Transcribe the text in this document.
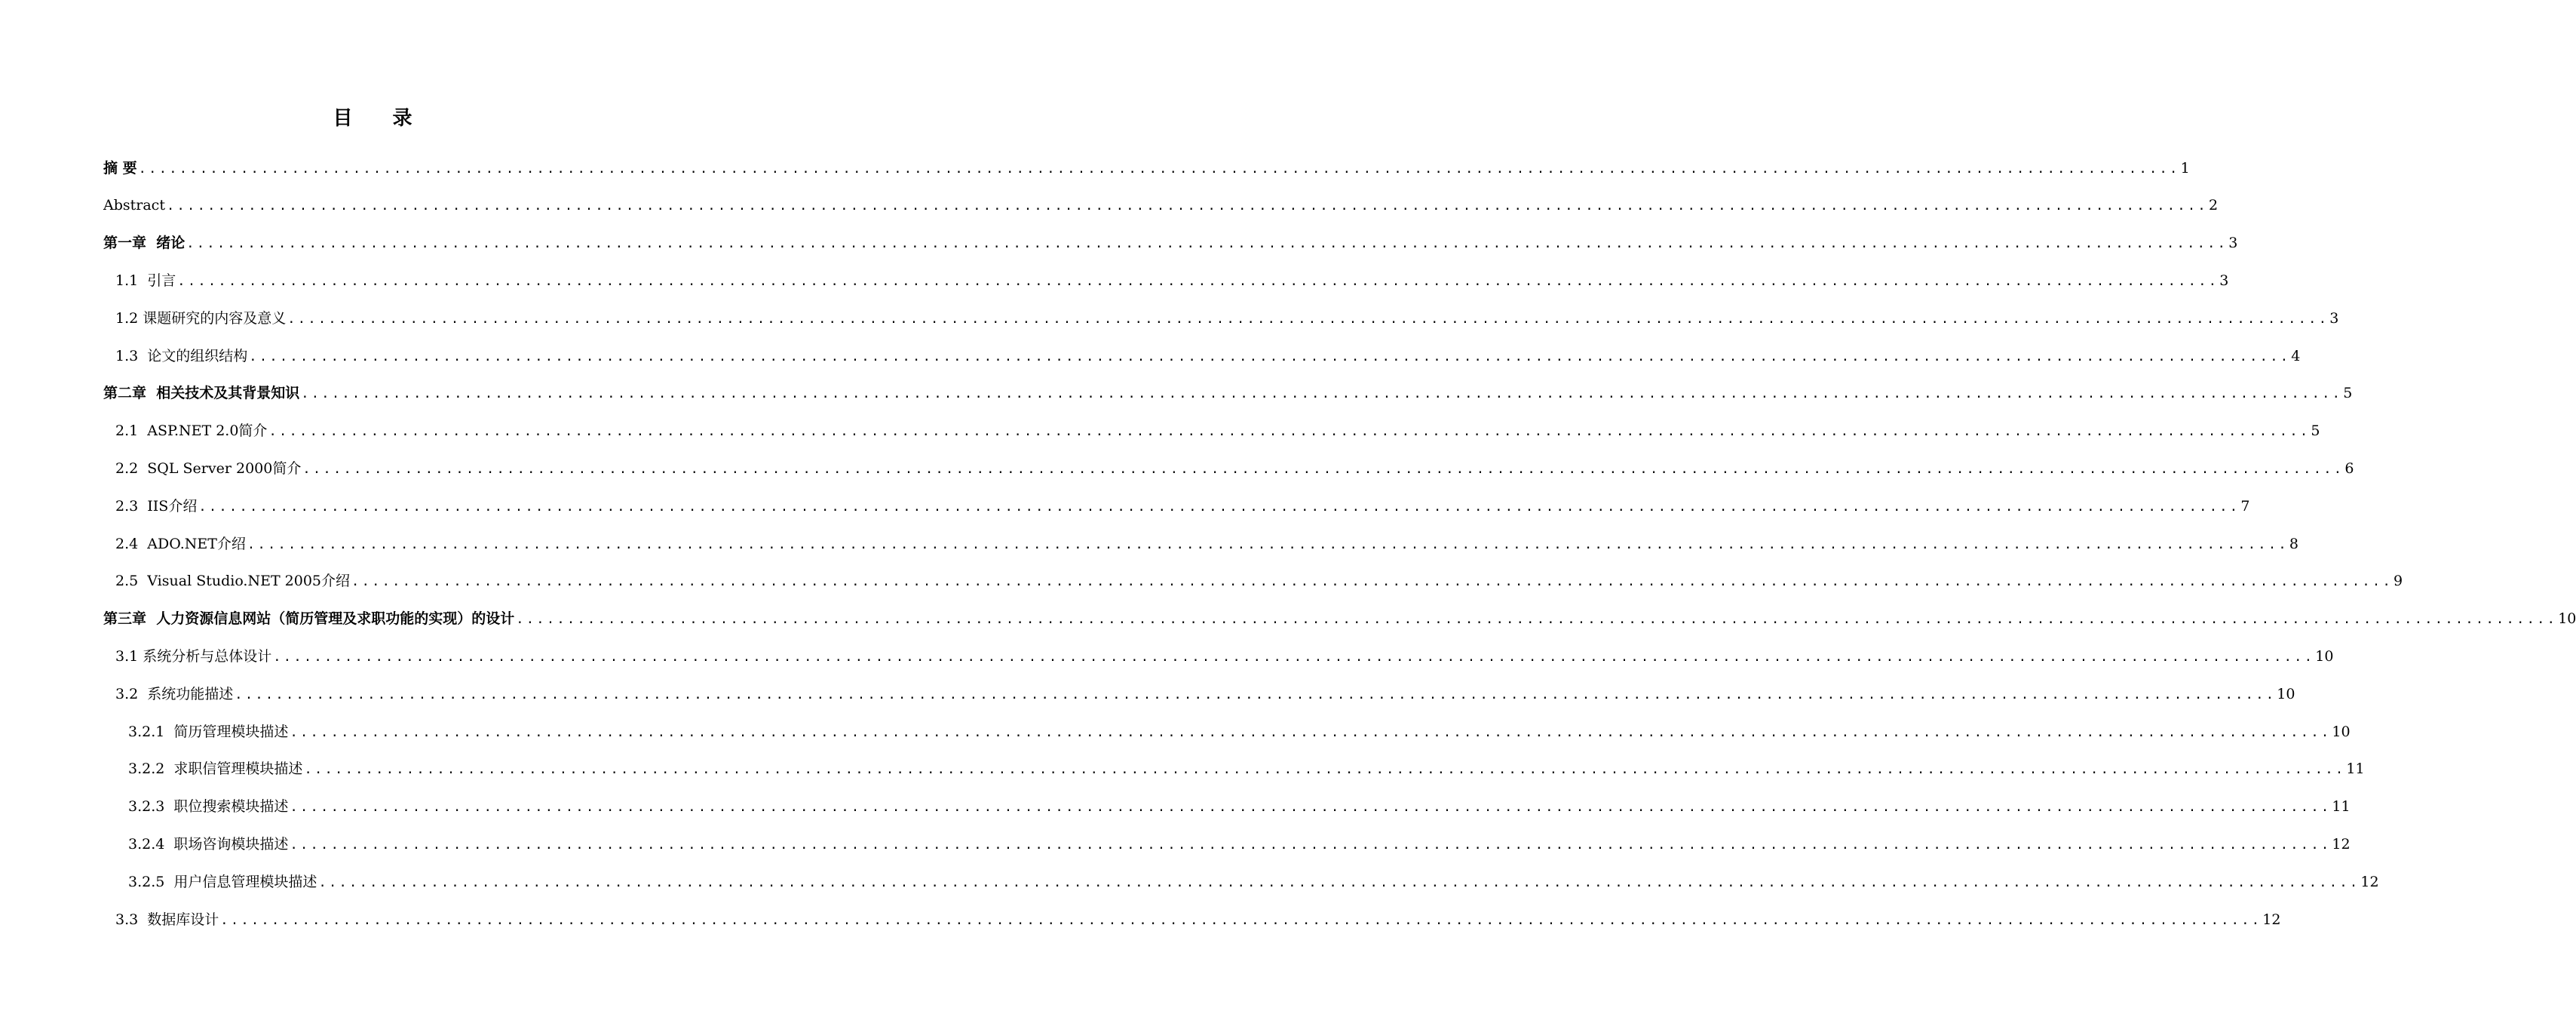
目 录
摘 要 ........................................................................................................................................................................................................ 1
Abstract ........................................................................................................................................................................................................ 2
第一章  绪论 ........................................................................................................................................................................................................ 3
1.1  引言 ........................................................................................................................................................................................................ 3
1.2 课题研究的内容及意义 ........................................................................................................................................................................................................ 3
1.3  论文的组织结构 ........................................................................................................................................................................................................ 4
第二章  相关技术及其背景知识 ........................................................................................................................................................................................................ 5
2.1  ASP.NET 2.0简介 ........................................................................................................................................................................................................ 5
2.2  SQL Server 2000简介 ........................................................................................................................................................................................................ 6
2.3  IIS介绍 ........................................................................................................................................................................................................ 7
2.4  ADO.NET介绍 ........................................................................................................................................................................................................ 8
2.5  Visual Studio.NET 2005介绍 ........................................................................................................................................................................................................ 9
第三章  人力资源信息网站（简历管理及求职功能的实现）的设计 ........................................................................................................................................................................................................ 10
3.1 系统分析与总体设计 ........................................................................................................................................................................................................ 10
3.2  系统功能描述 ........................................................................................................................................................................................................ 10
3.2.1  简历管理模块描述 ........................................................................................................................................................................................................ 10
3.2.2  求职信管理模块描述 ........................................................................................................................................................................................................ 11
3.2.3  职位搜索模块描述 ........................................................................................................................................................................................................ 11
3.2.4  职场咨询模块描述 ........................................................................................................................................................................................................ 12
3.2.5  用户信息管理模块描述 ........................................................................................................................................................................................................ 12
3.3  数据库设计 ........................................................................................................................................................................................................ 12
